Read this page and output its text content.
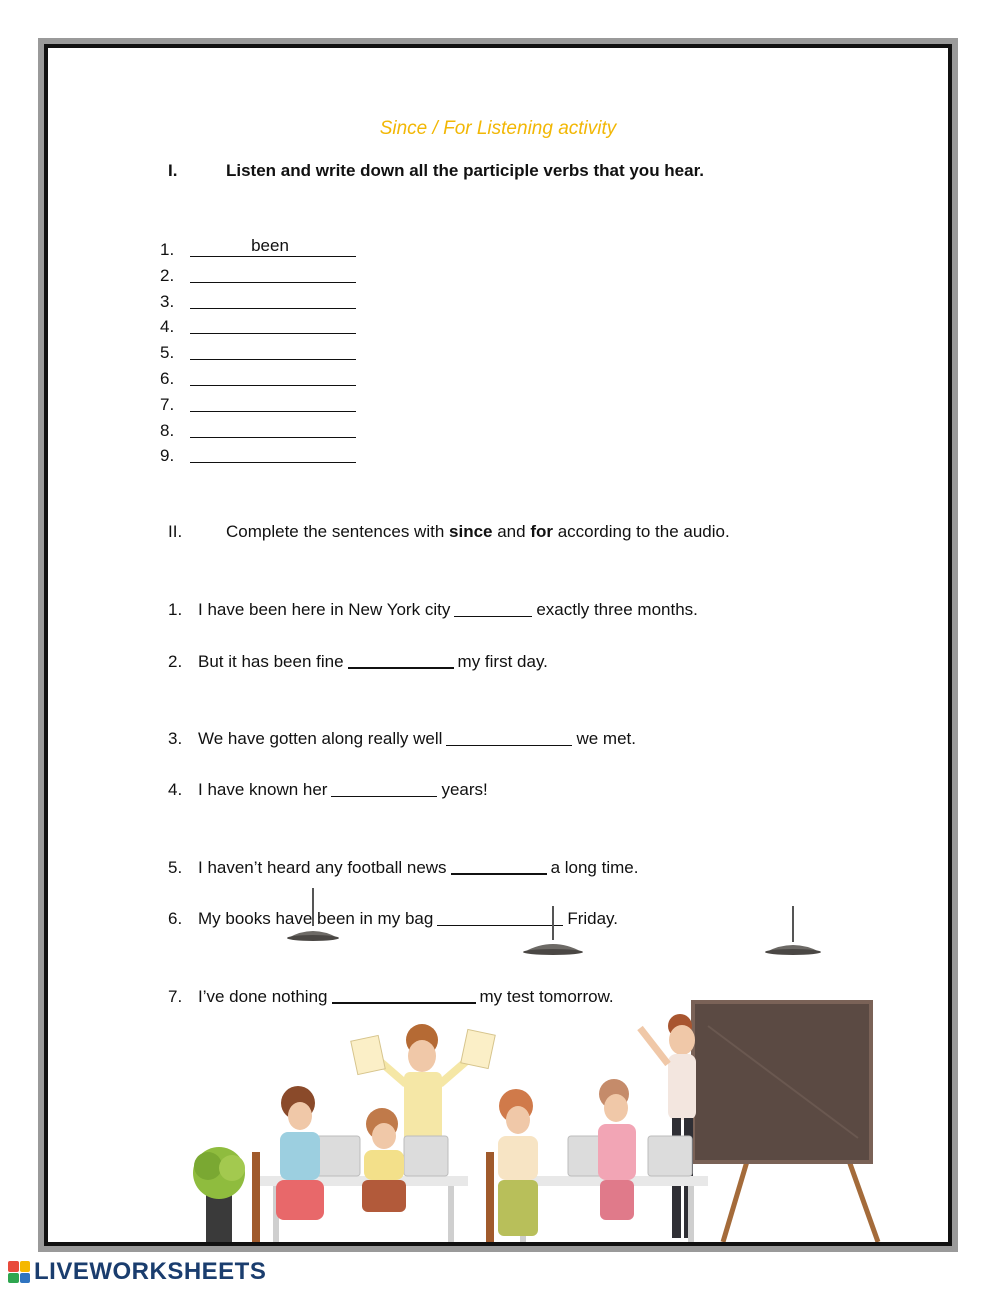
Since / For Listening activity
I.	Listen and write down all the participle verbs that you hear.
1.	been
2.
3.
4.
5.
6.
7.
8.
9.
II.	Complete the sentences with since and for according to the audio.
1. I have been here in New York city	exactly three months.
2. But it has been fine	my first day.
3. We have gotten along really well	we met.
4. I have known her	years!
5. I haven’t heard any football news	a long time.
6. My books have been in my bag	Friday.
7. I’ve done nothing	my test tomorrow.
LIVEWORKSHEETS
